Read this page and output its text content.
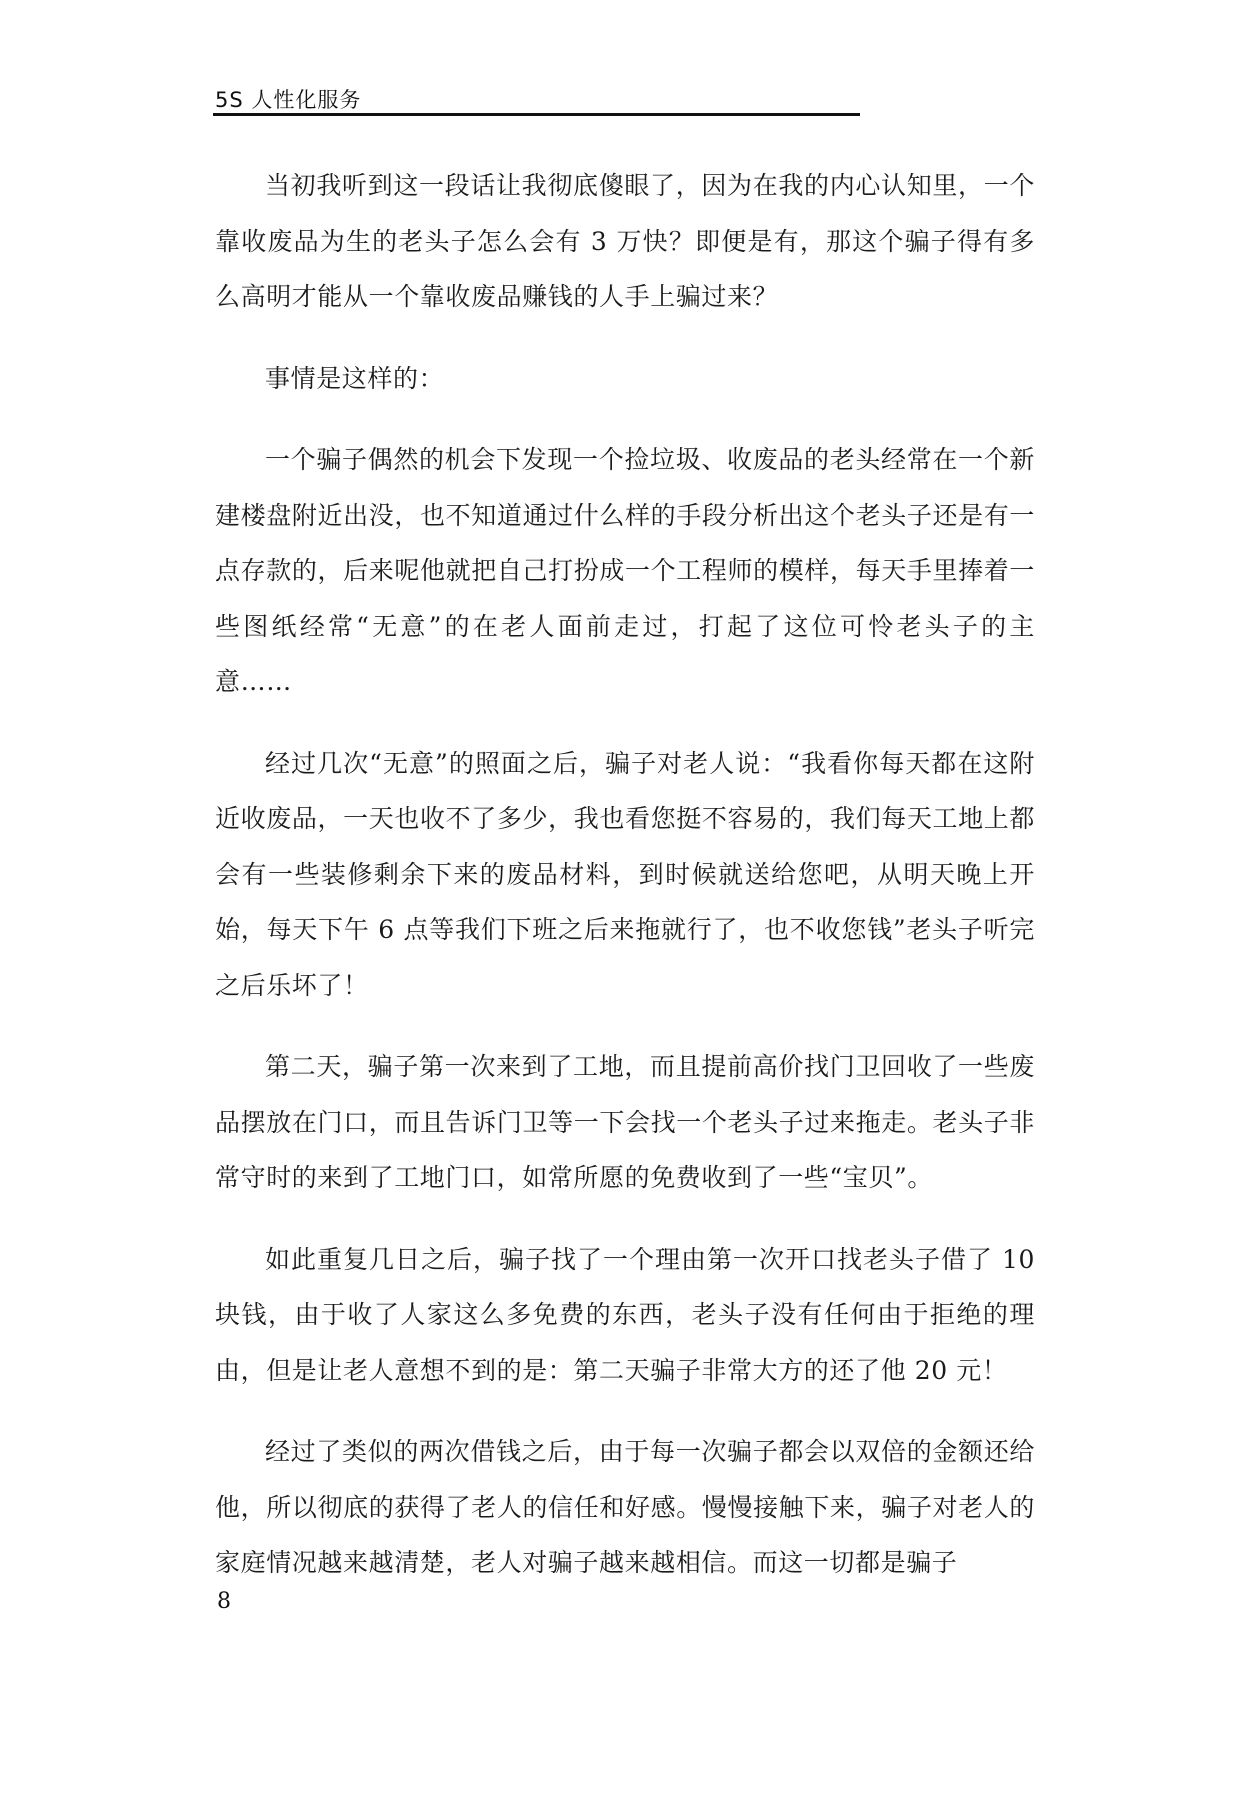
5S 人性化服务

当初我听到这一段话让我彻底傻眼了，因为在我的内心认知里，一个靠收废品为生的老头子怎么会有 3 万快？即便是有，那这个骗子得有多么高明才能从一个靠收废品赚钱的人手上骗过来？

事情是这样的：

一个骗子偶然的机会下发现一个捡垃圾、收废品的老头经常在一个新建楼盘附近出没，也不知道通过什么样的手段分析出这个老头子还是有一点存款的，后来呢他就把自己打扮成一个工程师的模样，每天手里捧着一些图纸经常“无意”的在老人面前走过，打起了这位可怜老头子的主意……

经过几次“无意”的照面之后，骗子对老人说：“我看你每天都在这附近收废品，一天也收不了多少，我也看您挺不容易的，我们每天工地上都会有一些装修剩余下来的废品材料，到时候就送给您吧，从明天晚上开始，每天下午 6 点等我们下班之后来拖就行了，也不收您钱”老头子听完之后乐坏了！

第二天，骗子第一次来到了工地，而且提前高价找门卫回收了一些废品摆放在门口，而且告诉门卫等一下会找一个老头子过来拖走。老头子非常守时的来到了工地门口，如常所愿的免费收到了一些“宝贝”。

如此重复几日之后，骗子找了一个理由第一次开口找老头子借了 10 块钱，由于收了人家这么多免费的东西，老头子没有任何由于拒绝的理由，但是让老人意想不到的是：第二天骗子非常大方的还了他 20 元！

经过了类似的两次借钱之后，由于每一次骗子都会以双倍的金额还给他，所以彻底的获得了老人的信任和好感。慢慢接触下来，骗子对老人的家庭情况越来越清楚，老人对骗子越来越相信。而这一切都是骗子

8
